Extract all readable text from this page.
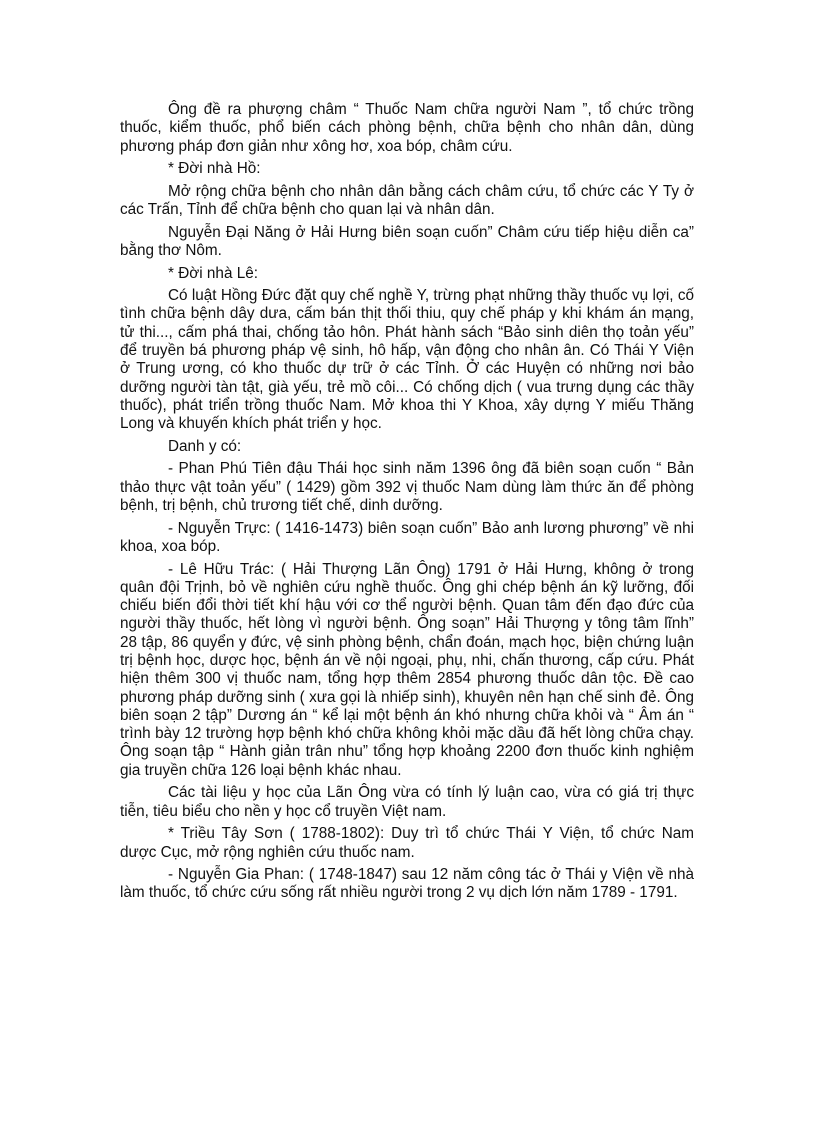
Ông đề ra phượng châm “ Thuốc Nam chữa người Nam ”, tổ chức trồng thuốc, kiểm thuốc, phổ biến cách phòng bệnh, chữa bệnh cho nhân dân, dùng phương pháp đơn giản như xông hơ, xoa bóp, châm cứu.

* Đời nhà Hồ:

Mở rộng chữa bệnh cho nhân dân bằng cách châm cứu, tổ chức các Y Ty ở các Trấn, Tỉnh để chữa bệnh cho quan lại và nhân dân.

Nguyễn Đại Năng ở Hải Hưng biên soạn cuốn” Châm cứu tiếp hiệu diễn ca” bằng thơ Nôm.

* Đời nhà Lê:

Có luật Hồng Đức đặt quy chế nghề Y, trừng phạt những thầy thuốc vụ lợi, cố tình chữa bệnh dây dưa, cấm bán thịt thối thiu, quy chế pháp y khi khám án mạng, tử thi..., cấm phá thai, chống tảo hôn. Phát hành sách “Bảo sinh diên thọ toản yếu” để truyền bá phương pháp vệ sinh, hô hấp, vận động cho nhân ân. Có Thái Y Viện ở Trung ương, có kho thuốc dự trữ ở các Tỉnh. Ở các Huyện có những nơi bảo dưỡng người tàn tật, già yếu, trẻ mồ côi... Có chống dịch ( vua trưng dụng các thầy thuốc), phát triển trồng thuốc Nam. Mở khoa thi Y Khoa, xây dựng Y miếu Thăng Long và khuyến khích phát triển y học.

Danh y có:

- Phan Phú Tiên đậu Thái học sinh năm 1396 ông đã biên soạn cuốn “ Bản thảo thực vật toản yếu” ( 1429) gồm 392 vị thuốc Nam dùng làm thức ăn để phòng bệnh, trị bệnh, chủ trương tiết chế, dinh dưỡng.

- Nguyễn Trực: ( 1416-1473) biên soạn cuốn” Bảo anh lương phương” về nhi khoa, xoa bóp.

- Lê Hữu Trác: ( Hải Thượng Lãn Ông) 1791 ở Hải Hưng, không ở trong quân đội Trịnh, bỏ về nghiên cứu nghề thuốc. Ông ghi chép bệnh án kỹ lưỡng, đối chiếu biến đổi thời tiết khí hậu với cơ thể người bệnh. Quan tâm đến đạo đức của người thầy thuốc, hết lòng vì người bệnh. Ông soạn” Hải Thượng y tông tâm lĩnh” 28 tập, 86 quyển y đức, vệ sinh phòng bệnh, chẩn đoán, mạch học, biện chứng luận trị bệnh học, dược học, bệnh án về nội ngoại, phụ, nhi, chấn thương, cấp cứu. Phát hiện thêm 300 vị thuốc nam, tổng hợp thêm 2854 phương thuốc dân tộc. Đề cao phương pháp dưỡng sinh ( xưa gọi là nhiếp sinh), khuyên nên hạn chế sinh đẻ. Ông biên soạn 2 tập” Dương án “ kể lại một bệnh án khó nhưng chữa khỏi và “ Âm án “ trình bày 12 trường hợp bệnh khó chữa không khỏi mặc dầu đã hết lòng chữa chạy. Ông soạn tập “ Hành giản trân nhu” tổng hợp khoảng 2200 đơn thuốc kinh nghiệm gia truyền chữa 126 loại bệnh khác nhau.

Các tài liệu y học của Lãn Ông vừa có tính lý luận cao, vừa có giá trị thực tiễn, tiêu biểu cho nền y học cổ truyền Việt nam.

* Triều Tây Sơn ( 1788-1802): Duy trì tổ chức Thái Y Viện, tổ chức Nam dược Cục, mở rộng nghiên cứu thuốc nam.

- Nguyễn Gia Phan: ( 1748-1847) sau 12 năm công tác ở Thái y Viện về nhà làm thuốc, tổ chức cứu sống rất nhiều người trong 2 vụ dịch lớn năm 1789 - 1791.
